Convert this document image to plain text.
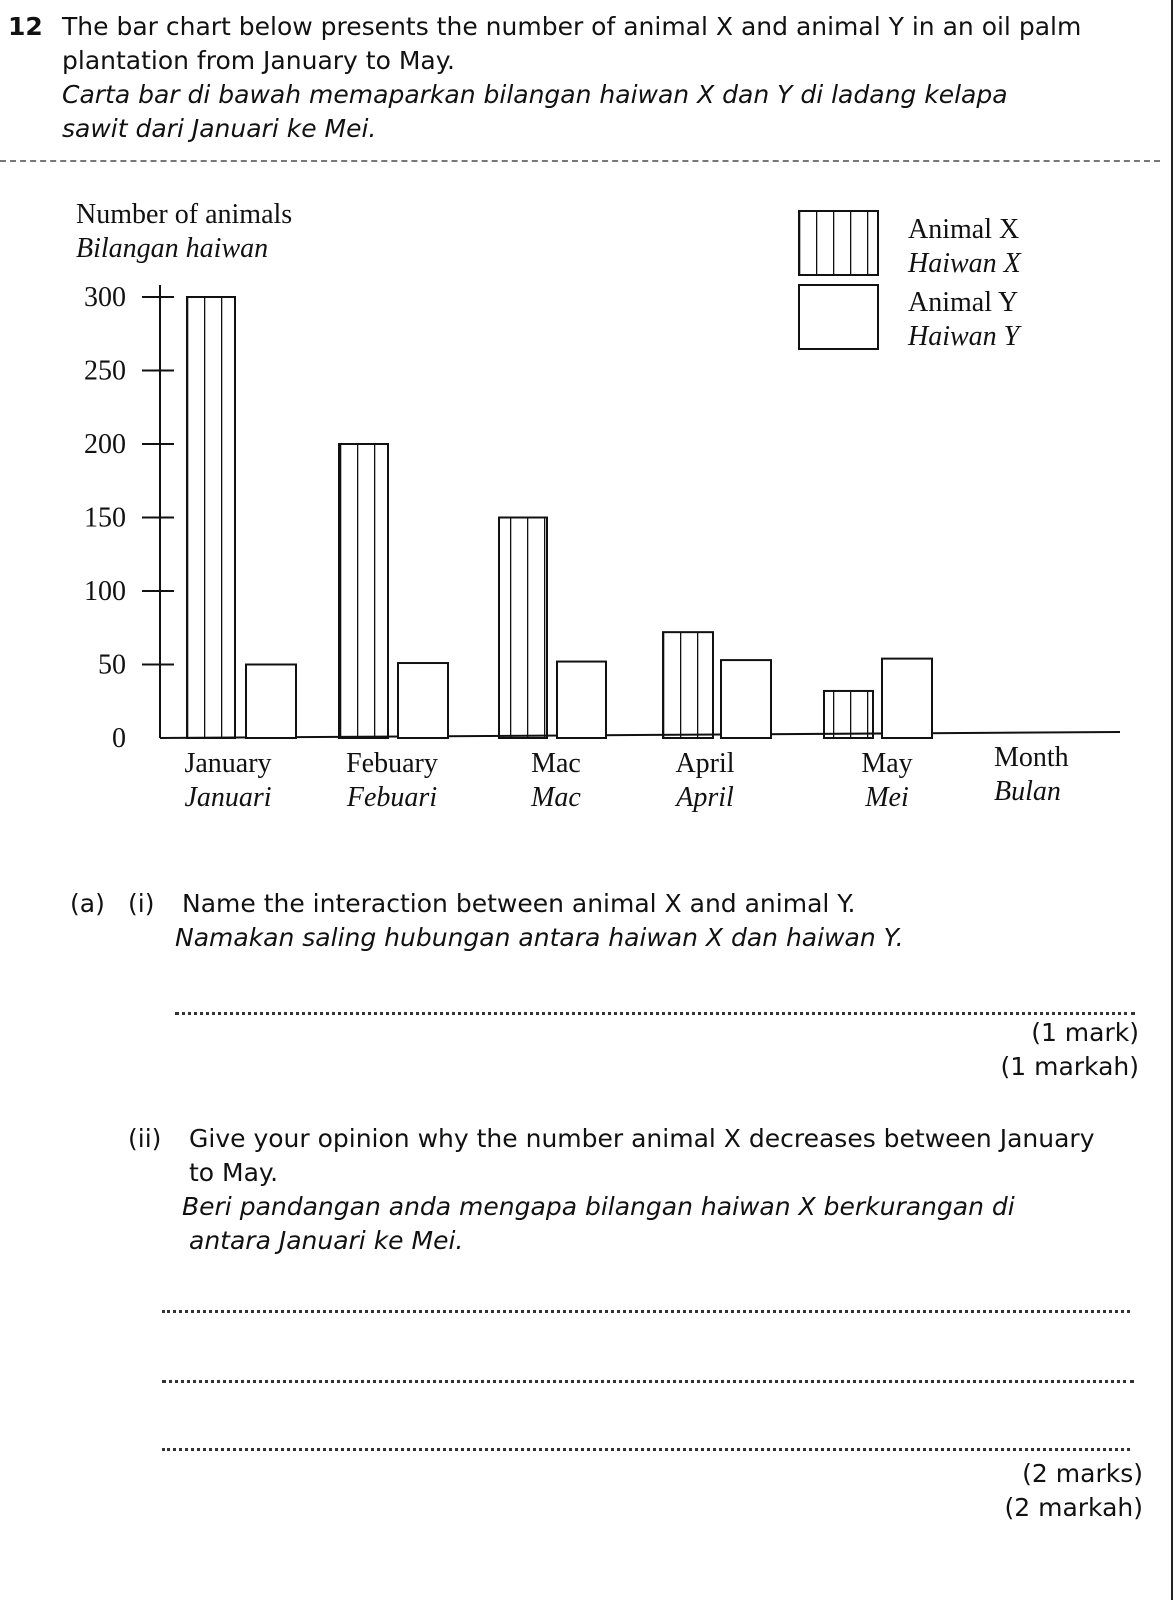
12 The bar chart below presents the number of animal X and animal Y in an oil palm
plantation from January to May.
Carta bar di bawah memaparkan bilangan haiwan X dan Y di ladang kelapa
sawit dari Januari ke Mei.
Number of animals
Bilangan haiwan
0
50
100
150
200
250
300
January
Januari
Febuary
Febuari
Mac
Mac
April
April
May
Mei
Month
Bulan
Animal X
Haiwan X
Animal Y
Haiwan Y
(a) (i) Name the interaction between animal X and animal Y.
Namakan saling hubungan antara haiwan X dan haiwan Y.
(1 mark)
(1 markah)
(ii) Give your opinion why the number animal X decreases between January
to May.
Beri pandangan anda mengapa bilangan haiwan X berkurangan di
antara Januari ke Mei.
(2 marks)
(2 markah)
